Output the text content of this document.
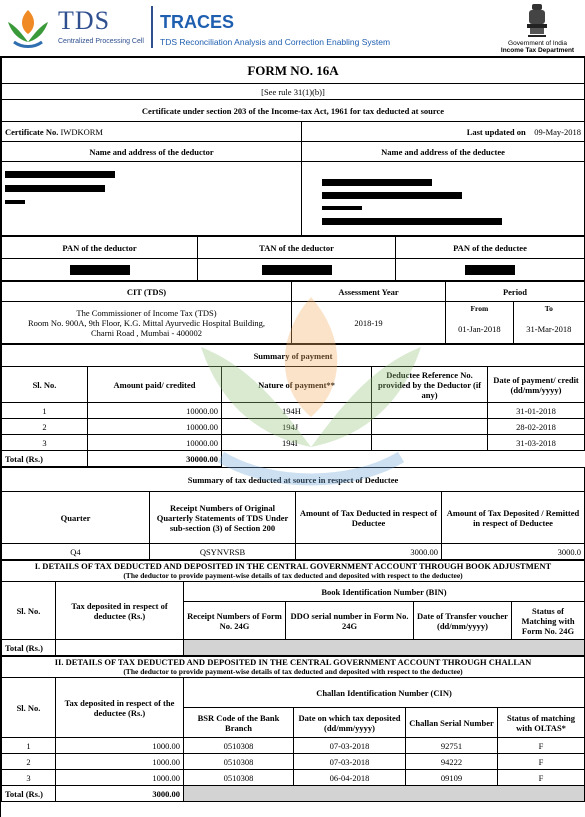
TDS
Centralized Processing Cell
TRACES
TDS Reconciliation Analysis and Correction Enabling System	Government of India
Income Tax Department
FORM NO. 16A	
[See rule 31(1)(b)]	
Certificate under section 203 of the Income-tax Act, 1961 for tax deducted at source	
Certificate No. IWDKORM	Last updated on 09-May-2018
Name and address of the deductor	Name and address of the deductee

PAN of the deductor	TAN of the deductor	PAN of the deductee

CIT (TDS)	Assessment Year	Period	

The Commissioner of Income Tax (TDS)
Room No. 900A, 9th Floor, K.G. Mittal Ayurvedic Hospital Building,
Charni Road , Mumbai - 400002	2018-19	From	To
		01-Jan-2018	31-Mar-2018
Summary of payment				
Sl. No.	Amount paid/ credited	Nature of payment**	Deductee Reference No. provided by the Deductor (if any)	Date of payment/ credit (dd/mm/yyyy)
1	10000.00	194H		31-01-2018
2	10000.00	194J		28-02-2018
3	10000.00	194I		31-03-2018
Total (Rs.)	30000.00			
Summary of tax deducted at source in respect of Deductee			
Quarter	Receipt Numbers of Original Quarterly Statements of TDS Under sub-section (3) of Section 200	Amount of Tax Deducted in respect of Deductee	Amount of Tax Deposited / Remitted in respect of Deductee
Q4	QSYNVRSB	3000.00	3000.0
I. DETAILS OF TAX DEDUCTED AND DEPOSITED IN THE CENTRAL GOVERNMENT ACCOUNT THROUGH BOOK ADJUSTMENT
(The deductor to provide payment-wise details of tax deducted and deposited with respect to the deductee)					

Sl. No.	Tax deposited in respect of deductee (Rs.)	Book Identification Number (BIN)			
		Receipt Numbers of Form No. 24G	DDO serial number in Form No. 24G	Date of Transfer voucher (dd/mm/yyyy)	Status of Matching with Form No. 24G
Total (Rs.)					
II. DETAILS OF TAX DEDUCTED AND DEPOSITED IN THE CENTRAL GOVERNMENT ACCOUNT THROUGH CHALLAN
(The deductor to provide payment-wise details of tax deducted and deposited with respect to the deductee)					

Sl. No.	Tax deposited in respect of the deductee (Rs.)	Challan Identification Number (CIN)			
		BSR Code of the Bank Branch	Date on which tax deposited (dd/mm/yyyy)	Challan Serial Number	Status of matching with OLTAS*
1	1000.00	0510308	07-03-2018	92751	F
2	1000.00	0510308	07-03-2018	94222	F
3	1000.00	0510308	06-04-2018	09109	F
Total (Rs.)	3000.00				
